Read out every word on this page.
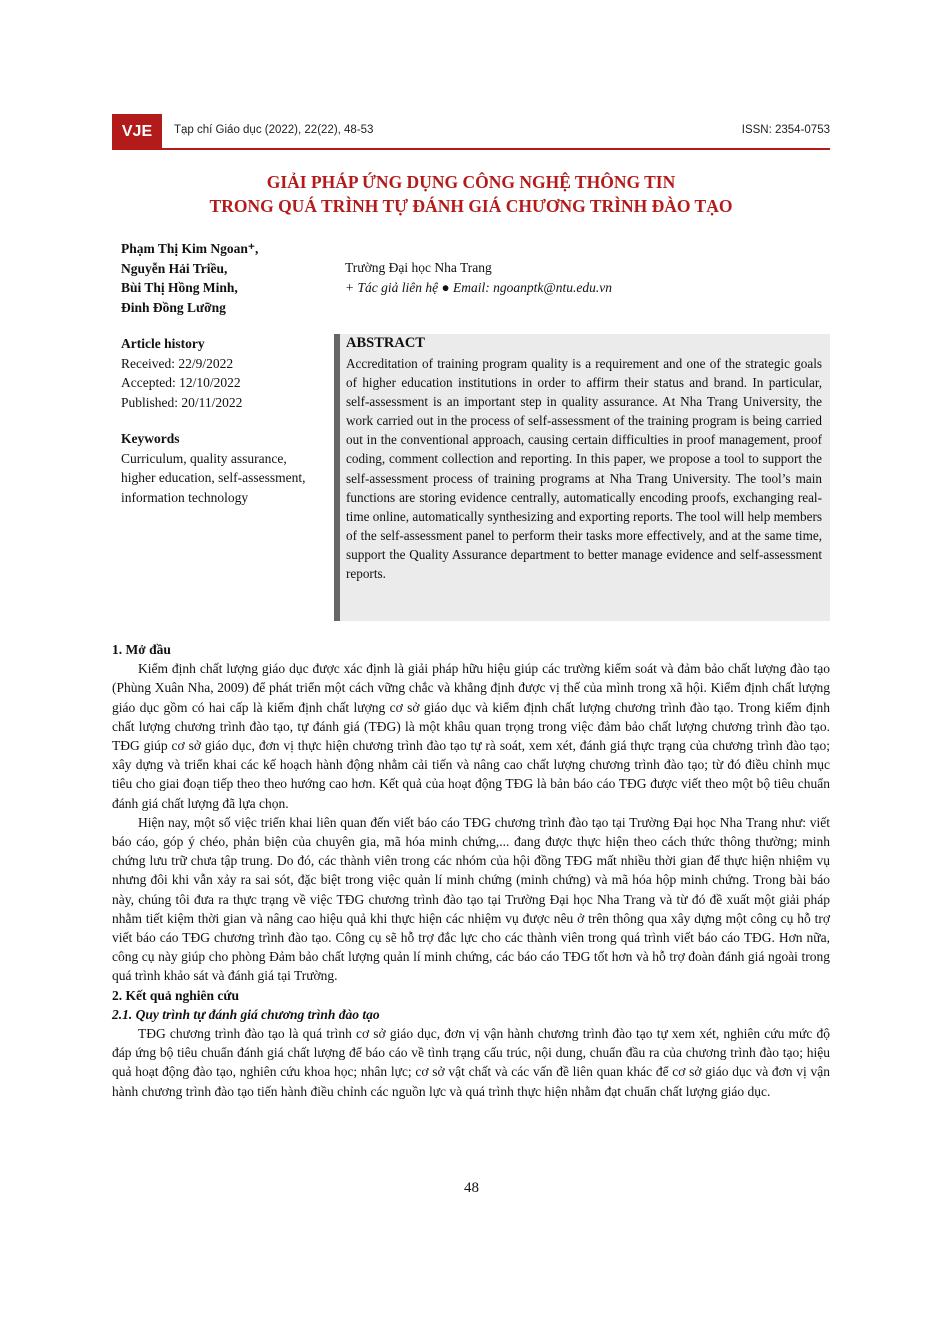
VJE	Tạp chí Giáo dục (2022), 22(22), 48-53	ISSN: 2354-0753
GIẢI PHÁP ỨNG DỤNG CÔNG NGHỆ THÔNG TIN
TRONG QUÁ TRÌNH TỰ ĐÁNH GIÁ CHƯƠNG TRÌNH ĐÀO TẠO
Phạm Thị Kim Ngoan⁺,
Nguyễn Hải Triều,
Bùi Thị Hồng Minh,
Đinh Đồng Lưỡng
Trường Đại học Nha Trang
+ Tác giả liên hệ ● Email: ngoanptk@ntu.edu.vn
Article history
Received: 22/9/2022
Accepted: 12/10/2022
Published: 20/11/2022
Keywords
Curriculum, quality assurance, higher education, self-assessment, information technology
ABSTRACT
Accreditation of training program quality is a requirement and one of the strategic goals of higher education institutions in order to affirm their status and brand. In particular, self-assessment is an important step in quality assurance. At Nha Trang University, the work carried out in the process of self-assessment of the training program is being carried out in the conventional approach, causing certain difficulties in proof management, proof coding, comment collection and reporting. In this paper, we propose a tool to support the self-assessment process of training programs at Nha Trang University. The tool’s main functions are storing evidence centrally, automatically encoding proofs, exchanging real-time online, automatically synthesizing and exporting reports. The tool will help members of the self-assessment panel to perform their tasks more effectively, and at the same time, support the Quality Assurance department to better manage evidence and self-assessment reports.
1. Mở đầu

Kiểm định chất lượng giáo dục được xác định là giải pháp hữu hiệu giúp các trường kiểm soát và đảm bảo chất lượng đào tạo (Phùng Xuân Nha, 2009) để phát triển một cách vững chắc và khẳng định được vị thế của mình trong xã hội. Kiểm định chất lượng giáo dục gồm có hai cấp là kiểm định chất lượng cơ sở giáo dục và kiểm định chất lượng chương trình đào tạo. Trong kiểm định chất lượng chương trình đào tạo, tự đánh giá (TĐG) là một khâu quan trọng trong việc đảm bảo chất lượng chương trình đào tạo. TĐG giúp cơ sở giáo dục, đơn vị thực hiện chương trình đào tạo tự rà soát, xem xét, đánh giá thực trạng của chương trình đào tạo; xây dựng và triển khai các kế hoạch hành động nhằm cải tiến và nâng cao chất lượng chương trình đào tạo; từ đó điều chỉnh mục tiêu cho giai đoạn tiếp theo theo hướng cao hơn. Kết quả của hoạt động TĐG là bản báo cáo TĐG được viết theo một bộ tiêu chuẩn đánh giá chất lượng đã lựa chọn.

Hiện nay, một số việc triển khai liên quan đến viết báo cáo TĐG chương trình đào tạo tại Trường Đại học Nha Trang như: viết báo cáo, góp ý chéo, phản biện của chuyên gia, mã hóa minh chứng,... đang được thực hiện theo cách thức thông thường; minh chứng lưu trữ chưa tập trung. Do đó, các thành viên trong các nhóm của hội đồng TĐG mất nhiều thời gian để thực hiện nhiệm vụ nhưng đôi khi vẫn xảy ra sai sót, đặc biệt trong việc quản lí minh chứng (minh chứng) và mã hóa hộp minh chứng. Trong bài báo này, chúng tôi đưa ra thực trạng về việc TĐG chương trình đào tạo tại Trường Đại học Nha Trang và từ đó đề xuất một giải pháp nhằm tiết kiệm thời gian và nâng cao hiệu quả khi thực hiện các nhiệm vụ được nêu ở trên thông qua xây dựng một công cụ hỗ trợ viết báo cáo TĐG chương trình đào tạo. Công cụ sẽ hỗ trợ đắc lực cho các thành viên trong quá trình viết báo cáo TĐG. Hơn nữa, công cụ này giúp cho phòng Đảm bảo chất lượng quản lí minh chứng, các báo cáo TĐG tốt hơn và hỗ trợ đoàn đánh giá ngoài trong quá trình khảo sát và đánh giá tại Trường.

2. Kết quả nghiên cứu
2.1. Quy trình tự đánh giá chương trình đào tạo

TĐG chương trình đào tạo là quá trình cơ sở giáo dục, đơn vị vận hành chương trình đào tạo tự xem xét, nghiên cứu mức độ đáp ứng bộ tiêu chuẩn đánh giá chất lượng để báo cáo về tình trạng cấu trúc, nội dung, chuẩn đầu ra của chương trình đào tạo; hiệu quả hoạt động đào tạo, nghiên cứu khoa học; nhân lực; cơ sở vật chất và các vấn đề liên quan khác để cơ sở giáo dục và đơn vị vận hành chương trình đào tạo tiến hành điều chỉnh các nguồn lực và quá trình thực hiện nhằm đạt chuẩn chất lượng giáo dục.

48
